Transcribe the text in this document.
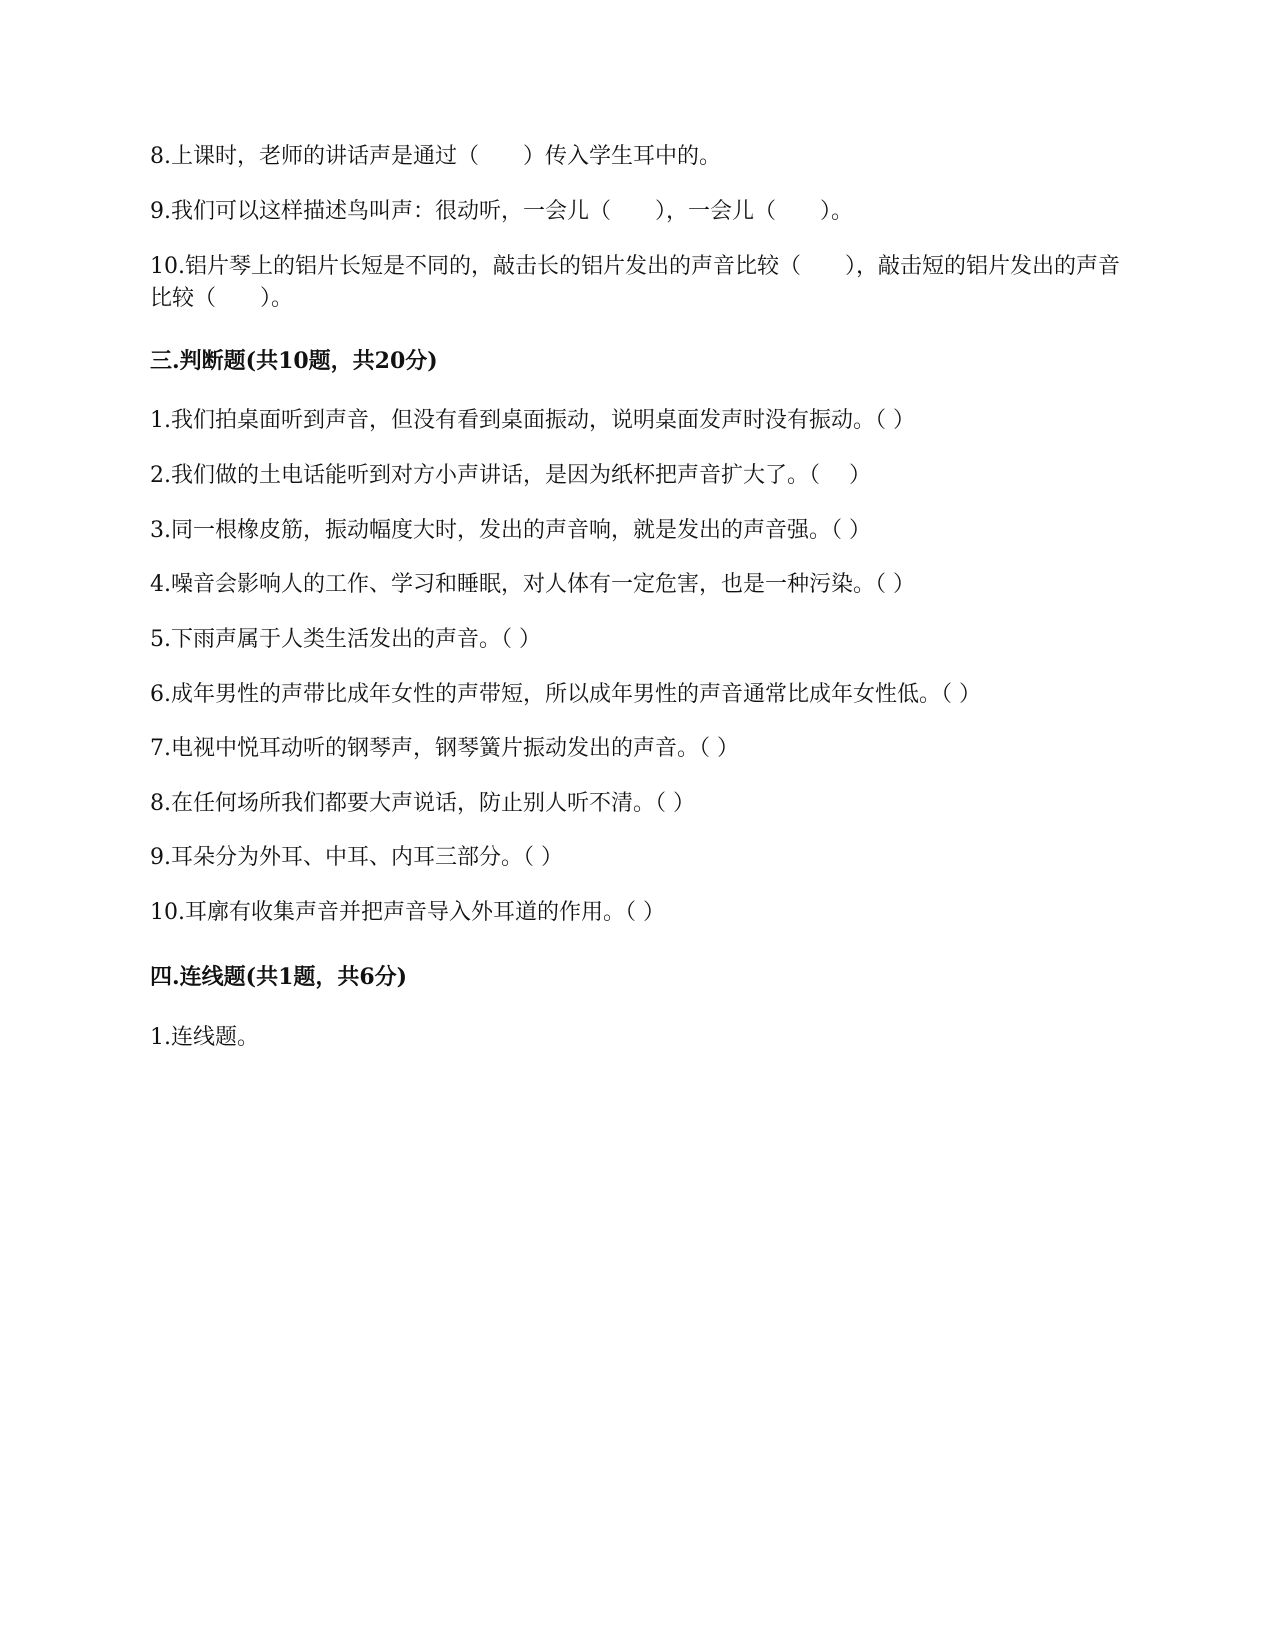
8.上课时，老师的讲话声是通过（　　）传入学生耳中的。
9.我们可以这样描述鸟叫声：很动听，一会儿（　　），一会儿（　　）。
10.铝片琴上的铝片长短是不同的，敲击长的铝片发出的声音比较（　　），敲击短的铝片发出的声音比较（　　）。
三.判断题(共10题，共20分)
1.我们拍桌面听到声音，但没有看到桌面振动，说明桌面发声时没有振动。（ ）
2.我们做的土电话能听到对方小声讲话，是因为纸杯把声音扩大了。（　 ）
3.同一根橡皮筋，振动幅度大时，发出的声音响，就是发出的声音强。（ ）
4.噪音会影响人的工作、学习和睡眠，对人体有一定危害，也是一种污染。（ ）
5.下雨声属于人类生活发出的声音。（ ）
6.成年男性的声带比成年女性的声带短，所以成年男性的声音通常比成年女性低。（ ）
7.电视中悦耳动听的钢琴声，钢琴簧片振动发出的声音。（ ）
8.在任何场所我们都要大声说话，防止别人听不清。（ ）
9.耳朵分为外耳、中耳、内耳三部分。（ ）
10.耳廓有收集声音并把声音导入外耳道的作用。（ ）
四.连线题(共1题，共6分)
1.连线题。
